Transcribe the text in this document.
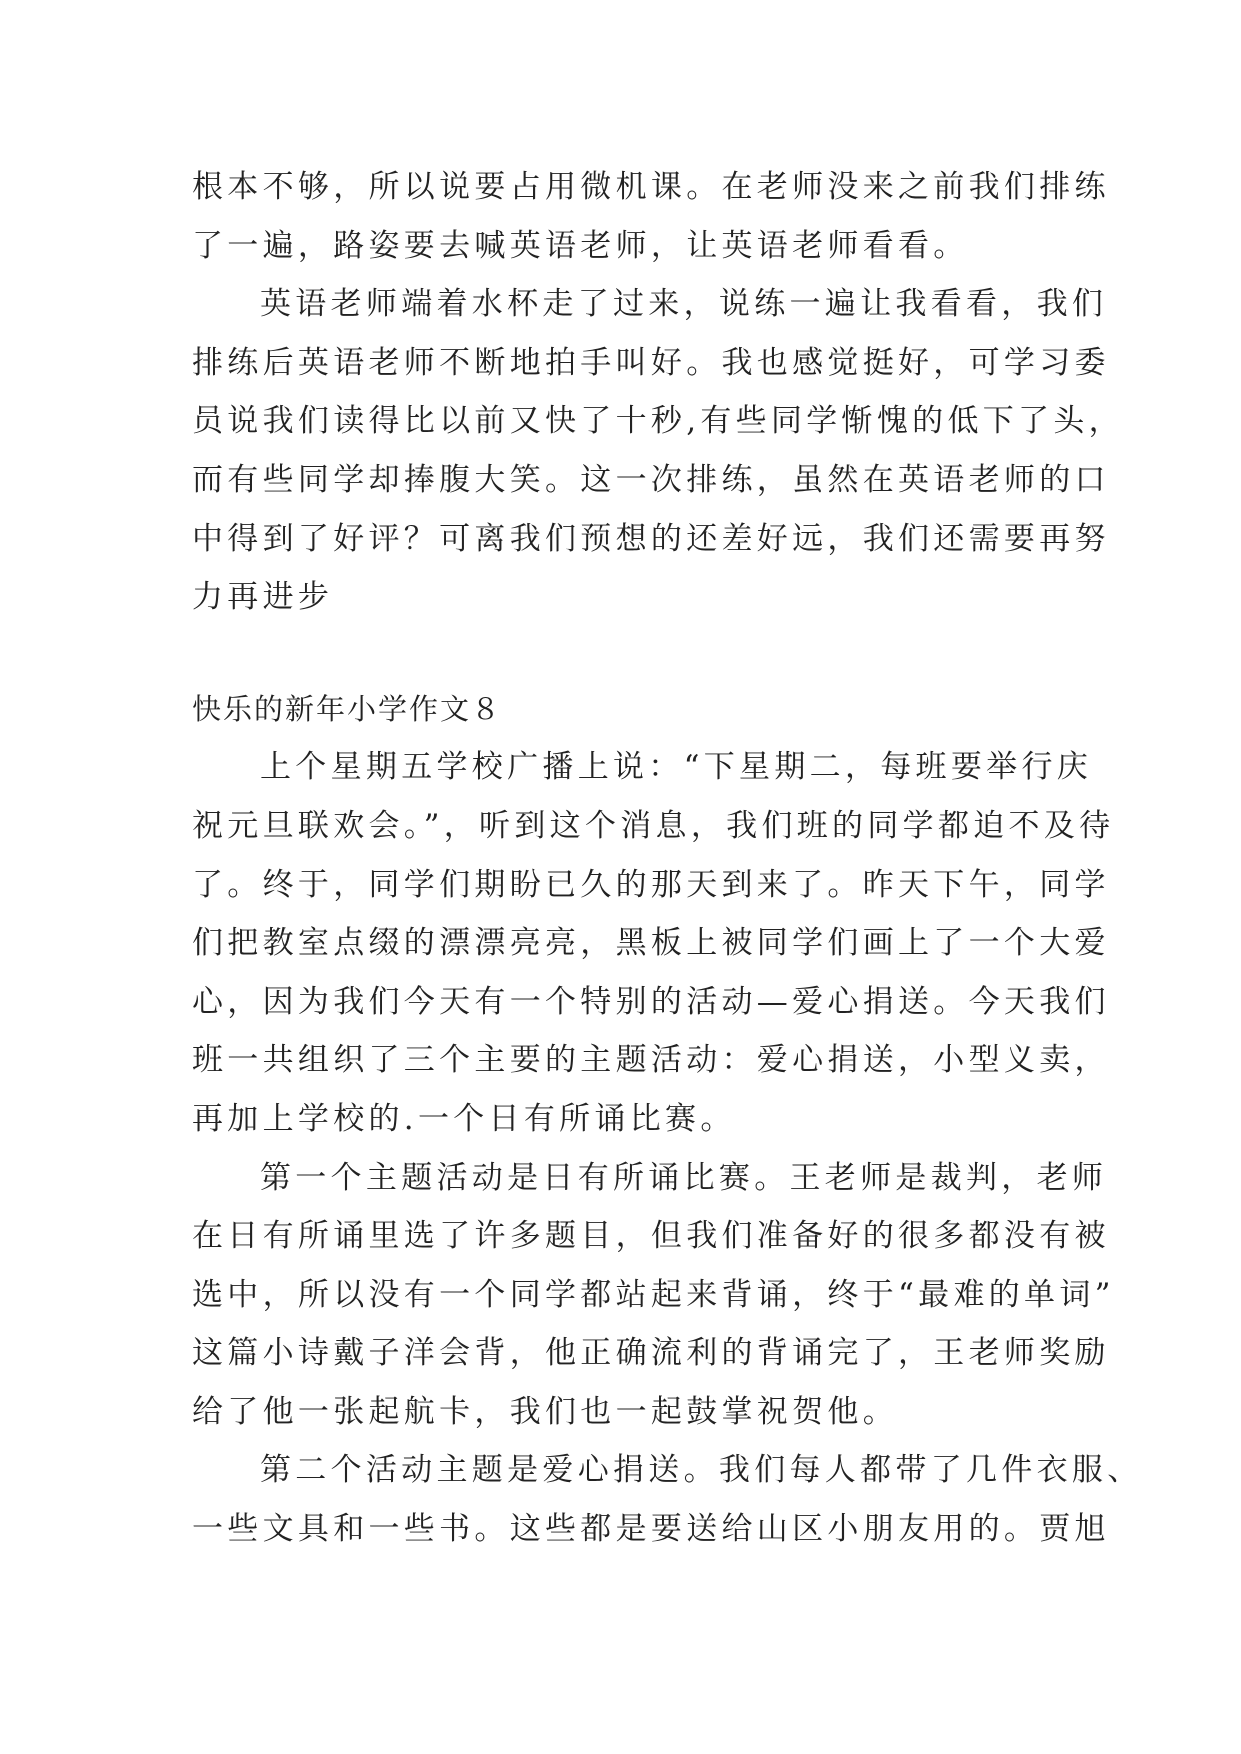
根本不够，所以说要占用微机课。在老师没来之前我们排练
了一遍，路姿要去喊英语老师，让英语老师看看。
英语老师端着水杯走了过来，说练一遍让我看看，我们
排练后英语老师不断地拍手叫好。我也感觉挺好，可学习委
员说我们读得比以前又快了十秒,有些同学惭愧的低下了头，
而有些同学却捧腹大笑。这一次排练，虽然在英语老师的口
中得到了好评？可离我们预想的还差好远，我们还需要再努
力再进步
快乐的新年小学作文８
上个星期五学校广播上说：“下星期二，每班要举行庆
祝元旦联欢会。”，听到这个消息，我们班的同学都迫不及待
了。终于，同学们期盼已久的那天到来了。昨天下午，同学
们把教室点缀的漂漂亮亮，黑板上被同学们画上了一个大爱
心，因为我们今天有一个特别的活动—爱心捐送。今天我们
班一共组织了三个主要的主题活动：爱心捐送，小型义卖，
再加上学校的.一个日有所诵比赛。
第一个主题活动是日有所诵比赛。王老师是裁判，老师
在日有所诵里选了许多题目，但我们准备好的很多都没有被
选中，所以没有一个同学都站起来背诵，终于“最难的单词”
这篇小诗戴子洋会背，他正确流利的背诵完了，王老师奖励
给了他一张起航卡，我们也一起鼓掌祝贺他。
第二个活动主题是爱心捐送。我们每人都带了几件衣服、
一些文具和一些书。这些都是要送给山区小朋友用的。贾旭
